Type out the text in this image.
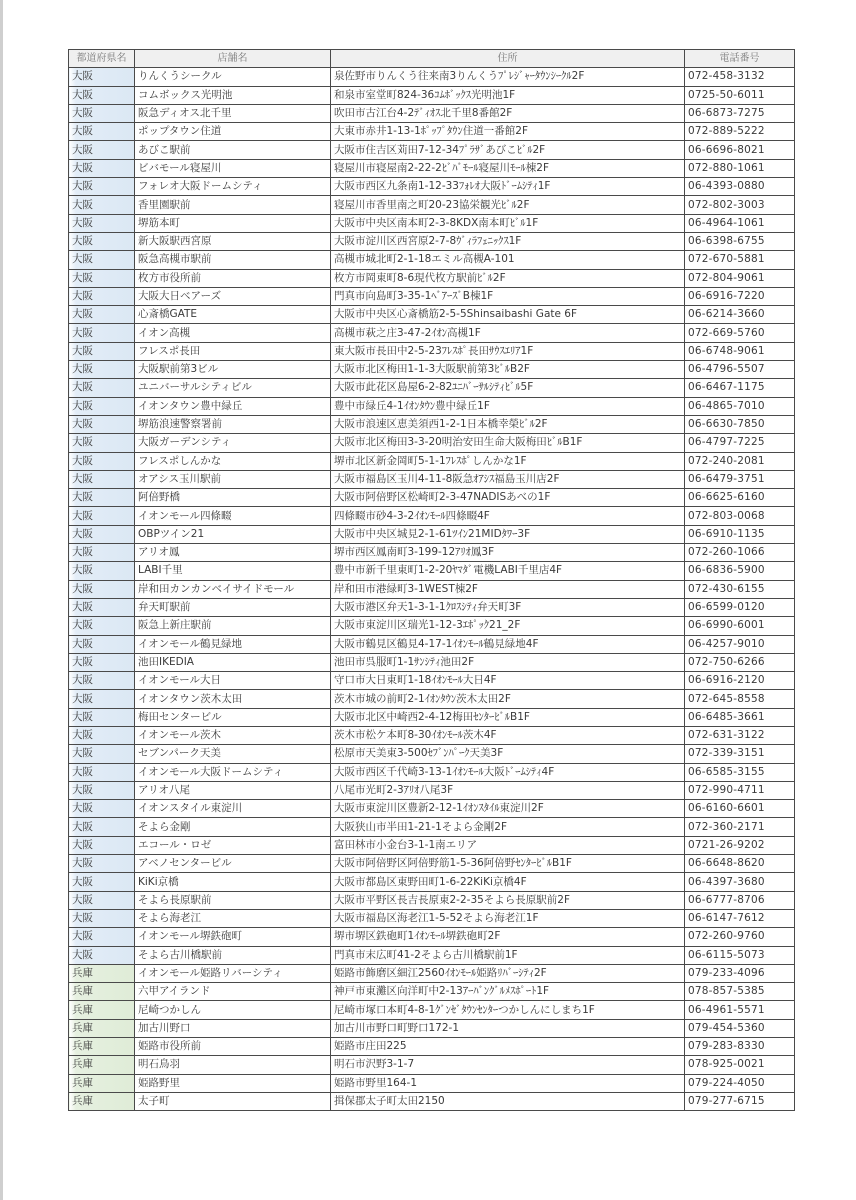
都道府県名	店舗名	住所	電話番号
大阪	りんくうシークル	泉佐野市りんくう往来南3りんくうﾌﾟﾚｼﾞｬｰﾀｳﾝｼｰｸﾙ2F	072-458-3132
大阪	コムボックス光明池	和泉市室堂町824-36ｺﾑﾎﾞｯｸｽ光明池1F	0725-50-6011
大阪	阪急ディオス北千里	吹田市古江台4-2ﾃﾞｨｵｽ北千里8番館2F	06-6873-7275
大阪	ポップタウン住道	大東市赤井1-13-1ﾎﾟｯﾌﾟﾀｳﾝ住道一番館2F	072-889-5222
大阪	あびこ駅前	大阪市住吉区苅田7-12-34ﾌﾟﾗｻﾞあびこﾋﾞﾙ2F	06-6696-8021
大阪	ビバモール寝屋川	寝屋川市寝屋南2-22-2ﾋﾞﾊﾞﾓｰﾙ寝屋川ﾓｰﾙ棟2F	072-880-1061
大阪	フォレオ大阪ドームシティ	大阪市西区九条南1-12-33ﾌｫﾚｵ大阪ﾄﾞｰﾑｼﾃｨ1F	06-4393-0880
大阪	香里園駅前	寝屋川市香里南之町20-23協栄観光ﾋﾞﾙ2F	072-802-3003
大阪	堺筋本町	大阪市中央区南本町2-3-8KDX南本町ﾋﾞﾙ1F	06-4964-1061
大阪	新大阪駅西宮原	大阪市淀川区西宮原2-7-8ｳﾞｨﾗﾌｪﾆｯｸｽ1F	06-6398-6755
大阪	阪急高槻市駅前	高槻市城北町2-1-18エミル高槻A-101	072-670-5881
大阪	枚方市役所前	枚方市岡東町8-6現代枚方駅前ﾋﾞﾙ2F	072-804-9061
大阪	大阪大日ベアーズ	門真市向島町3-35-1ﾍﾞｱｰｽﾞB棟1F	06-6916-7220
大阪	心斎橋GATE	大阪市中央区心斎橋筋2-5-5Shinsaibashi Gate 6F	06-6214-3660
大阪	イオン高槻	高槻市萩之庄3-47-2ｲｵﾝ高槻1F	072-669-5760
大阪	フレスポ長田	東大阪市長田中2-5-23ﾌﾚｽﾎﾟ長田ｻｳｽｴﾘｱ1F	06-6748-9061
大阪	大阪駅前第3ビル	大阪市北区梅田1-1-3大阪駅前第3ﾋﾞﾙB2F	06-4796-5507
大阪	ユニバーサルシティビル	大阪市此花区島屋6-2-82ﾕﾆﾊﾞｰｻﾙｼﾃｨﾋﾞﾙ5F	06-6467-1175
大阪	イオンタウン豊中緑丘	豊中市緑丘4-1ｲｵﾝﾀｳﾝ豊中緑丘1F	06-4865-7010
大阪	堺筋浪速警察署前	大阪市浪速区恵美須西1-2-1日本橋幸榮ﾋﾞﾙ2F	06-6630-7850
大阪	大阪ガーデンシティ	大阪市北区梅田3-3-20明治安田生命大阪梅田ﾋﾞﾙB1F	06-4797-7225
大阪	フレスポしんかな	堺市北区新金岡町5-1-1ﾌﾚｽﾎﾟしんかな1F	072-240-2081
大阪	オアシス玉川駅前	大阪市福島区玉川4-11-8阪急ｵｱｼｽ福島玉川店2F	06-6479-3751
大阪	阿倍野橋	大阪市阿倍野区松崎町2-3-47NADISあべの1F	06-6625-6160
大阪	イオンモール四條畷	四條畷市砂4-3-2ｲｵﾝﾓｰﾙ四條畷4F	072-803-0068
大阪	OBPツイン21	大阪市中央区城見2-1-61ﾂｲﾝ21MIDﾀﾜｰ3F	06-6910-1135
大阪	アリオ鳳	堺市西区鳳南町3-199-12ｱﾘｵ鳳3F	072-260-1066
大阪	LABI千里	豊中市新千里東町1-2-20ﾔﾏﾀﾞ電機LABI千里店4F	06-6836-5900
大阪	岸和田カンカンベイサイドモール	岸和田市港緑町3-1WEST棟2F	072-430-6155
大阪	弁天町駅前	大阪市港区弁天1-3-1-1ｸﾛｽｼﾃｨ弁天町3F	06-6599-0120
大阪	阪急上新庄駅前	大阪市東淀川区瑞光1-12-3ｴﾎﾟｯｸ21_2F	06-6990-6001
大阪	イオンモール鶴見緑地	大阪市鶴見区鶴見4-17-1ｲｵﾝﾓｰﾙ鶴見緑地4F	06-4257-9010
大阪	池田IKEDIA	池田市呉服町1-1ｻﾝｼﾃｨ池田2F	072-750-6266
大阪	イオンモール大日	守口市大日東町1-18ｲｵﾝﾓｰﾙ大日4F	06-6916-2120
大阪	イオンタウン茨木太田	茨木市城の前町2-1ｲｵﾝﾀｳﾝ茨木太田2F	072-645-8558
大阪	梅田センタービル	大阪市北区中崎西2-4-12梅田ｾﾝﾀｰﾋﾞﾙB1F	06-6485-3661
大阪	イオンモール茨木	茨木市松ケ本町8-30ｲｵﾝﾓｰﾙ茨木4F	072-631-3122
大阪	セブンパーク天美	松原市天美東3-500ｾﾌﾞﾝﾊﾟｰｸ天美3F	072-339-3151
大阪	イオンモール大阪ドームシティ	大阪市西区千代崎3-13-1ｲｵﾝﾓｰﾙ大阪ﾄﾞｰﾑｼﾃｨ4F	06-6585-3155
大阪	アリオ八尾	八尾市光町2-3ｱﾘｵ八尾3F	072-990-4711
大阪	イオンスタイル東淀川	大阪市東淀川区豊新2-12-1ｲｵﾝｽﾀｲﾙ東淀川2F	06-6160-6601
大阪	そよら金剛	大阪狭山市半田1-21-1そよら金剛2F	072-360-2171
大阪	エコール・ロゼ	富田林市小金台3-1-1南エリア	0721-26-9202
大阪	アベノセンタービル	大阪市阿倍野区阿倍野筋1-5-36阿倍野ｾﾝﾀｰﾋﾞﾙB1F	06-6648-8620
大阪	KiKi京橋	大阪市都島区東野田町1-6-22KiKi京橋4F	06-4397-3680
大阪	そよら長原駅前	大阪市平野区長吉長原東2-2-35そよら長原駅前2F	06-6777-8706
大阪	そよら海老江	大阪市福島区海老江1-5-52そよら海老江1F	06-6147-7612
大阪	イオンモール堺鉄砲町	堺市堺区鉄砲町1ｲｵﾝﾓｰﾙ堺鉄砲町2F	072-260-9760
大阪	そよら古川橋駅前	門真市末広町41-2そよら古川橋駅前1F	06-6115-5073
兵庫	イオンモール姫路リバーシティ	姫路市飾磨区細江2560ｲｵﾝﾓｰﾙ姫路ﾘﾊﾞｰｼﾃｨ2F	079-233-4096
兵庫	六甲アイランド	神戸市東灘区向洋町中2-13ｱｰﾊﾞﾝｸﾞﾙﾒｽﾎﾟｰﾄ1F	078-857-5385
兵庫	尼崎つかしん	尼崎市塚口本町4-8-1ｸﾞﾝｾﾞﾀｳﾝｾﾝﾀｰつかしんにしまち1F	06-4961-5571
兵庫	加古川野口	加古川市野口町野口172-1	079-454-5360
兵庫	姫路市役所前	姫路市庄田225	079-283-8330
兵庫	明石鳥羽	明石市沢野3-1-7	078-925-0021
兵庫	姫路野里	姫路市野里164-1	079-224-4050
兵庫	太子町	揖保郡太子町太田2150	079-277-6715
